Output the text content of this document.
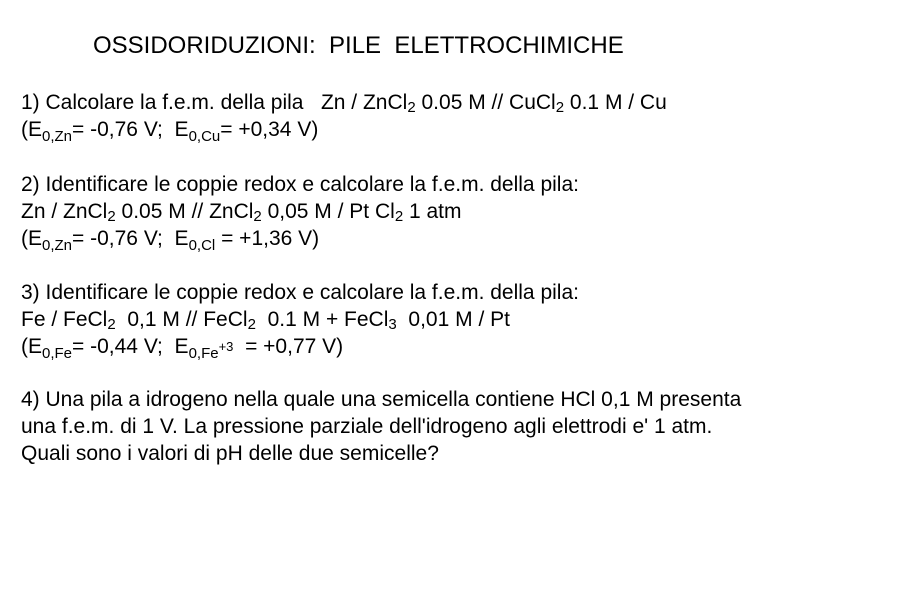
OSSIDORIDUZIONI:  PILE  ELETTROCHIMICHE
1) Calcolare la f.e.m. della pila   Zn / ZnCl2 0.05 M // CuCl2 0.1 M / Cu
($E_{0,Zn}= -0,76$ V;  $E_{0,Cu}= +0,34$ V)
2) Identificare le coppie redox e calcolare la f.e.m. della pila:
Zn / ZnCl2 0.05 M // ZnCl2 0,05 M / Pt Cl2 1 atm
($E_{0,Zn}= -0,76$ V;  $E_{0,Cl} = +1,36$ V)
3) Identificare le coppie redox e calcolare la f.e.m. della pila:
Fe / FeCl2  0,1 M // FeCl2  0.1 M + FeCl3  0,01 M / Pt
($E_{0,Fe}= -0,44$ V;  $E_{0,Fe}+3 = +0,77$ V)
4) Una pila a idrogeno nella quale una semicella contiene HCl 0,1 M presenta
una f.e.m. di 1 V. La pressione parziale dell'idrogeno agli elettrodi e' 1 atm.
Quali sono i valori di pH delle due semicelle?
